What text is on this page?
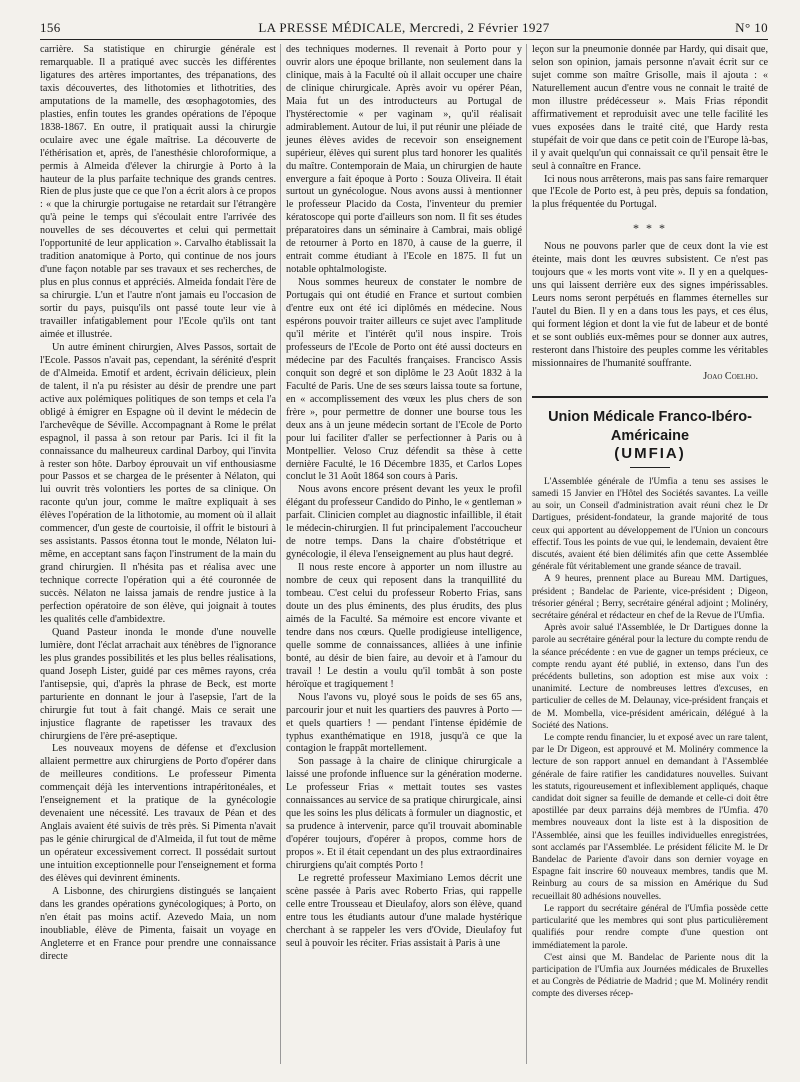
156	LA PRESSE MÉDICALE, Mercredi, 2 Février 1927	N° 10

carrière. Sa statistique en chirurgie générale est remarquable. Il a pratiqué avec succès les différentes ligatures des artères importantes, des trépanations, des taxis découvertes, des lithotomies et lithotrities, des amputations de la mamelle, des œsophagotomies, des plasties, enfin toutes les grandes opérations de l'époque 1838-1867. En outre, il pratiquait aussi la chirurgie oculaire avec une égale maîtrise. La découverte de l'éthérisation et, après, de l'anesthésie chloroformique, a permis à Almeida d'élever la chirurgie à Porto à la hauteur de la plus parfaite technique des grands centres. Rien de plus juste que ce que l'on a écrit alors à ce propos : « que la chirurgie portugaise ne retardait sur l'étrangère qu'à peine le temps qui s'écoulait entre l'arrivée des nouvelles de ses découvertes et celui qui permettait l'opportunité de leur application ». Carvalho établissait la tradition anatomique à Porto, qui continue de nos jours d'une façon notable par ses travaux et ses recherches, de plus en plus connus et appréciés. Almeida fondait l'ère de sa chirurgie. L'un et l'autre n'ont jamais eu l'occasion de sortir du pays, puisqu'ils ont passé toute leur vie à travailler infatigablement pour l'Ecole qu'ils ont tant aimée et illustrée.

Un autre éminent chirurgien, Alves Passos, sortait de l'Ecole. Passos n'avait pas, cependant, la sérénité d'esprit de d'Almeida. Emotif et ardent, écrivain délicieux, plein de talent, il n'a pu résister au désir de prendre une part active aux polémiques politiques de son temps et cela l'a obligé à émigrer en Espagne où il devint le médecin de l'archevêque de Séville. Accompagnant à Rome le prélat espagnol, il passa à son retour par Paris. Ici il fit la connaissance du malheureux cardinal Darboy, qui l'invita à rester son hôte. Darboy éprouvait un vif enthousiasme pour Passos et se chargea de le présenter à Nélaton, qui lui ouvrit très volontiers les portes de sa clinique. On raconte qu'un jour, comme le maître expliquait à ses élèves l'opération de la lithotomie, au moment où il allait commencer, d'un geste de courtoisie, il offrit le bistouri à ses assistants. Passos étonna tout le monde, Nélaton lui-même, en acceptant sans façon l'instrument de la main du grand chirurgien. Il n'hésita pas et réalisa avec une technique correcte l'opération qui a été couronnée de succès. Nélaton ne laissa jamais de rendre justice à la perfection opératoire de son élève, qui joignait à toutes les qualités celle d'ambidextre.

Quand Pasteur inonda le monde d'une nouvelle lumière, dont l'éclat arrachait aux ténèbres de l'ignorance les plus grandes possibilités et les plus belles réalisations, quand Joseph Lister, guidé par ces mêmes rayons, créa l'antisepsie, qui, d'après la phrase de Beck, est morte parturiente en donnant le jour à l'asepsie, l'art de la chirurgie fut tout à fait changé. Mais ce serait une injustice flagrante de rapetisser les travaux des chirurgiens de l'ère pré-aseptique.

Les nouveaux moyens de défense et d'exclusion allaient permettre aux chirurgiens de Porto d'opérer dans de meilleures conditions. Le professeur Pimenta commençait déjà les interventions intrapéritonéales, et l'enseignement et la pratique de la gynécologie devenaient une nécessité. Les travaux de Péan et des Anglais avaient été suivis de très près. Si Pimenta n'avait pas le génie chirurgical de d'Almeida, il fut tout de même un opérateur excessivement correct. Il possédait surtout une intuition exceptionnelle pour l'enseignement et forma des élèves qui devinrent éminents.

A Lisbonne, des chirurgiens distingués se lançaient dans les grandes opérations gynécologiques; à Porto, on n'en était pas moins actif. Azevedo Maia, un nom inoubliable, élève de Pimenta, faisait un voyage en Angleterre et en France pour prendre une connaissance directe

des techniques modernes. Il revenait à Porto pour y ouvrir alors une époque brillante, non seulement dans la clinique, mais à la Faculté où il allait occuper une chaire de clinique chirurgicale. Après avoir vu opérer Péan, Maia fut un des introducteurs au Portugal de l'hystérectomie « per vaginam », qu'il réalisait admirablement. Autour de lui, il put réunir une pléiade de jeunes élèves avides de recevoir son enseignement supérieur, élèves qui surent plus tard honorer les qualités du maître. Contemporain de Maia, un chirurgien de haute envergure a fait époque à Porto : Souza Oliveira. Il était surtout un gynécologue. Nous avons aussi à mentionner le professeur Placido da Costa, l'inventeur du premier kératoscope qui porte d'ailleurs son nom. Il fit ses études préparatoires dans un séminaire à Cambrai, mais obligé de retourner à Porto en 1870, à cause de la guerre, il entrait comme étudiant à l'Ecole en 1875. Il fut un notable ophtalmologiste.

Nous sommes heureux de constater le nombre de Portugais qui ont étudié en France et surtout combien d'entre eux ont été ici diplômés en médecine. Nous espérons pouvoir traiter ailleurs ce sujet avec l'amplitude qu'il mérite et l'intérêt qu'il nous inspire. Trois professeurs de l'Ecole de Porto ont été aussi docteurs en médecine par des Facultés françaises. Francisco Assis conquit son degré et son diplôme le 23 Août 1832 à la Faculté de Paris. Une de ses sœurs laissa toute sa fortune, en « accomplissement des vœux les plus chers de son frère », pour permettre de donner une bourse tous les deux ans à un jeune médecin sortant de l'Ecole de Porto pour lui faciliter d'aller se perfectionner à Paris ou à Montpellier. Veloso Cruz défendit sa thèse à cette dernière Faculté, le 16 Décembre 1835, et Carlos Lopes conclut le 31 Août 1864 son cours à Paris.

Nous avons encore présent devant les yeux le profil élégant du professeur Candido do Pinho, le « gentleman » parfait. Clinicien complet au diagnostic infaillible, il était le médecin-chirurgien. Il fut principalement l'accoucheur de notre temps. Dans la chaire d'obstétrique et gynécologie, il éleva l'enseignement au plus haut degré.

Il nous reste encore à apporter un nom illustre au nombre de ceux qui reposent dans la tranquillité du tombeau. C'est celui du professeur Roberto Frias, sans doute un des plus éminents, des plus érudits, des plus aimés de la Faculté. Sa mémoire est encore vivante et tendre dans nos cœurs. Quelle prodigieuse intelligence, quelle somme de connaissances, alliées à une infinie bonté, au désir de bien faire, au devoir et à l'amour du travail ! Le destin a voulu qu'il tombât à son poste héroïque et tragiquement !

Nous l'avons vu, ployé sous le poids de ses 65 ans, parcourir jour et nuit les quartiers des pauvres à Porto — et quels quartiers ! — pendant l'intense épidémie de typhus exanthématique en 1918, jusqu'à ce que la contagion le frappât mortellement.

Son passage à la chaire de clinique chirurgicale a laissé une profonde influence sur la génération moderne. Le professeur Frias « mettait toutes ses vastes connaissances au service de sa pratique chirurgicale, ainsi que les soins les plus délicats à formuler un diagnostic, et sa prudence à intervenir, parce qu'il trouvait abominable d'opérer toujours, d'opérer à propos, comme hors de propos ». Et il était cependant un des plus extraordinaires chirurgiens qu'ait comptés Porto !

Le regretté professeur Maximiano Lemos décrit une scène passée à Paris avec Roberto Frias, qui rappelle celle entre Trousseau et Dieulafoy, alors son élève, quand entre tous les étudiants autour d'une malade hystérique cherchant à se rappeler les vers d'Ovide, Dieulafoy fut seul à pouvoir les réciter. Frias assistait à Paris à une

leçon sur la pneumonie donnée par Hardy, qui disait que, selon son opinion, jamais personne n'avait écrit sur ce sujet comme son maître Grisolle, mais il ajouta : « Naturellement aucun d'entre vous ne connait le traité de mon illustre prédécesseur ». Mais Frias répondit affirmativement et reproduisit avec une telle facilité les vues exposées dans le traité cité, que Hardy resta stupéfait de voir que dans ce petit coin de l'Europe là-bas, il y avait quelqu'un qui connaissait ce qu'il pensait être le seul à connaître en France.

Ici nous nous arrêterons, mais pas sans faire remarquer que l'Ecole de Porto est, à peu près, depuis sa fondation, la plus fréquentée du Portugal.

* * *

Nous ne pouvons parler que de ceux dont la vie est éteinte, mais dont les œuvres subsistent. Ce n'est pas toujours que « les morts vont vite ». Il y en a quelques-uns qui laissent derrière eux des signes impérissables. Leurs noms seront perpétués en flammes éternelles sur l'autel du Bien. Il y en a dans tous les pays, et ces élus, qui forment légion et dont la vie fut de labeur et de bonté et se sont oubliés eux-mêmes pour se donner aux autres, resteront dans l'histoire des peuples comme les véritables missionnaires de l'humanité souffrante.

Joao Coelho.
Union Médicale Franco-Ibéro-Américaine
(UMFIA)

L'Assemblée générale de l'Umfia a tenu ses assises le samedi 15 Janvier en l'Hôtel des Sociétés savantes. La veille au soir, un Conseil d'administration avait réuni chez le Dr Dartigues, président-fondateur, la grande majorité de tous ceux qui apportent au développement de l'Union un concours effectif. Tous les points de vue qui, le lendemain, devaient être discutés, avaient été bien délimités afin que cette Assemblée générale fût véritablement une grande séance de travail.

A 9 heures, prennent place au Bureau MM. Dartigues, président ; Bandelac de Pariente, vice-président ; Digeon, trésorier général ; Berry, secrétaire général adjoint ; Molinéry, secrétaire général et rédacteur en chef de la Revue de l'Umfia.

Après avoir salué l'Assemblée, le Dr Dartigues donne la parole au secrétaire général pour la lecture du compte rendu de la séance précédente : en vue de gagner un temps précieux, ce compte rendu ayant été publié, in extenso, dans l'un des précédents bulletins, son adoption est mise aux voix : unanimité. Lecture de nombreuses lettres d'excuses, en particulier de celles de M. Delaunay, vice-président français et de M. Mombella, vice-président américain, délégué à la Société des Nations.

Le compte rendu financier, lu et exposé avec un rare talent, par le Dr Digeon, est approuvé et M. Molinéry commence la lecture de son rapport annuel en demandant à l'Assemblée générale de faire ratifier les candidatures nouvelles. Suivant les statuts, rigoureusement et inflexiblement appliqués, chaque candidat doit signer sa feuille de demande et celle-ci doit être apostillée par deux parrains déjà membres de l'Umfia. 470 membres nouveaux dont la liste est à la disposition de l'Assemblée, ainsi que les feuilles individuelles enregistrées, sont acclamés par l'Assemblée. Le président félicite M. le Dr Bandelac de Pariente d'avoir dans son dernier voyage en Espagne fait inscrire 60 nouveaux membres, tandis que M. Reinburg au cours de sa mission en Amérique du Sud recueillait 80 adhésions nouvelles.

Le rapport du secrétaire général de l'Umfia possède cette particularité que les membres qui sont plus particulièrement qualifiés pour rendre compte d'une question ont immédiatement la parole.

C'est ainsi que M. Bandelac de Pariente nous dit la participation de l'Umfia aux Journées médicales de Bruxelles et au Congrès de Pédiatrie de Madrid ; que M. Molinéry rendit compte des diverses récep-
